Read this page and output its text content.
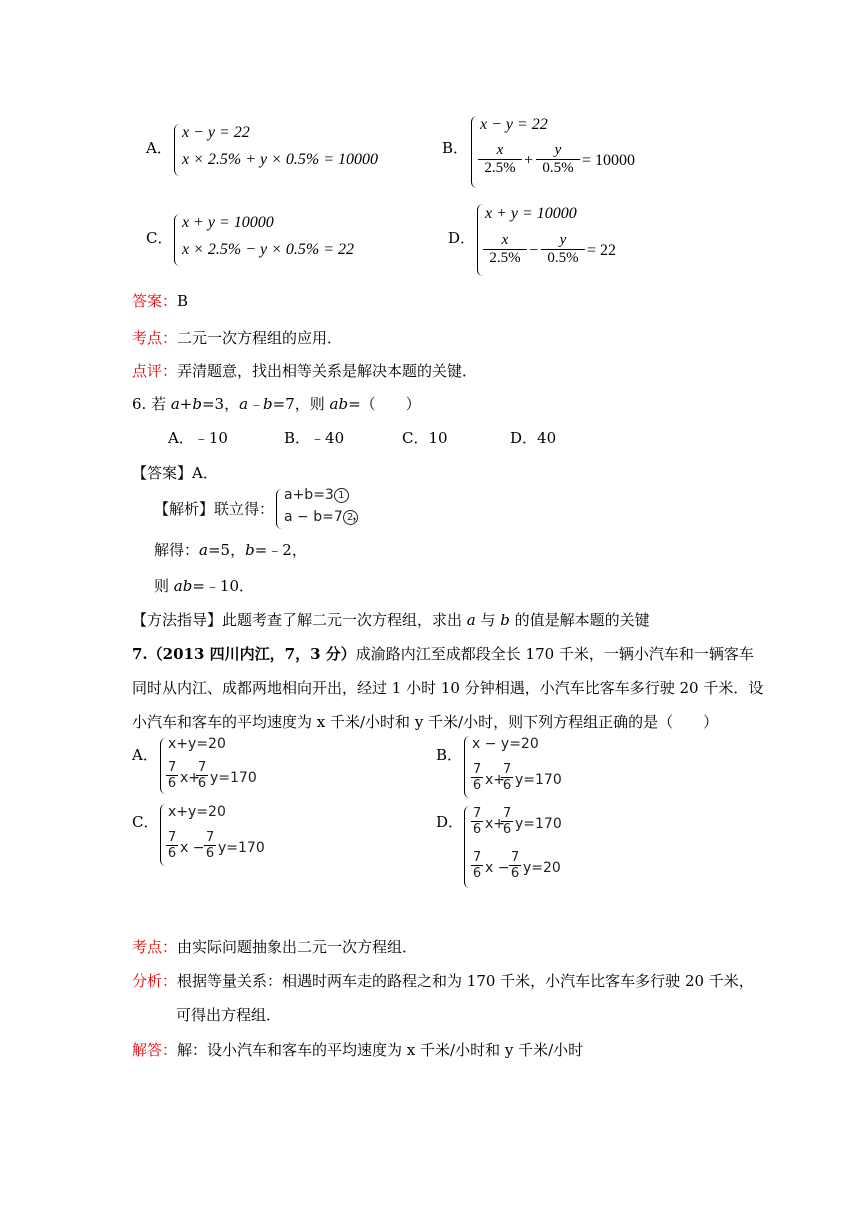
A．
x − y = 22
x × 2.5% + y × 0.5% = 10000
B．
x − y = 22
$\frac{x}{2.5\%} + \frac{y}{0.5\%} = 10000$
C．
x + y = 10000
x × 2.5% − y × 0.5% = 22
D．
x + y = 10000
$\frac{x}{2.5\%} - \frac{y}{0.5\%} = 22$
答案：B
考点：二元一次方程组的应用．
点评：弄清题意，找出相等关系是解决本题的关键．
6. 若 a+b=3，a﹣b=7，则 ab=（　　）
A．﹣10	B．﹣40	C．10	D．40
【答案】A．
【解析】联立得：
a+b=3 1
a − b=7 2
，
解得：a=5，b=﹣2，
则 ab=﹣10．
【方法指导】此题考查了解二元一次方程组，求出 a 与 b 的值是解本题的关键
7.（2013 四川内江，7，3 分）成渝路内江至成都段全长 170 千米，一辆小汽车和一辆客车
同时从内江、成都两地相向开出，经过 1 小时 10 分钟相遇，小汽车比客车多行驶 20 千米．设
小汽车和客车的平均速度为 x 千米/小时和 y 千米/小时，则下列方程组正确的是（　　）
A．
x+y=20
$\frac{7}{6} x+$
$\frac{7}{6} y=170$
B．
x − y=20
$\frac{7}{6} x+$
$\frac{7}{6} y=170$
C．
x+y=20
$\frac{7}{6}$ $x - \frac{7}{6} y=170$
D． $\frac{7}{6} x+$
$\frac{7}{6} y=170$
$\frac{7}{6}$ $x - \frac{7}{6} y=20$
考点：由实际问题抽象出二元一次方程组．
分析：根据等量关系：相遇时两车走的路程之和为 170 千米，小汽车比客车多行驶 20 千米，
可得出方程组．
解答：解：设小汽车和客车的平均速度为 x 千米/小时和 y 千米/小时
